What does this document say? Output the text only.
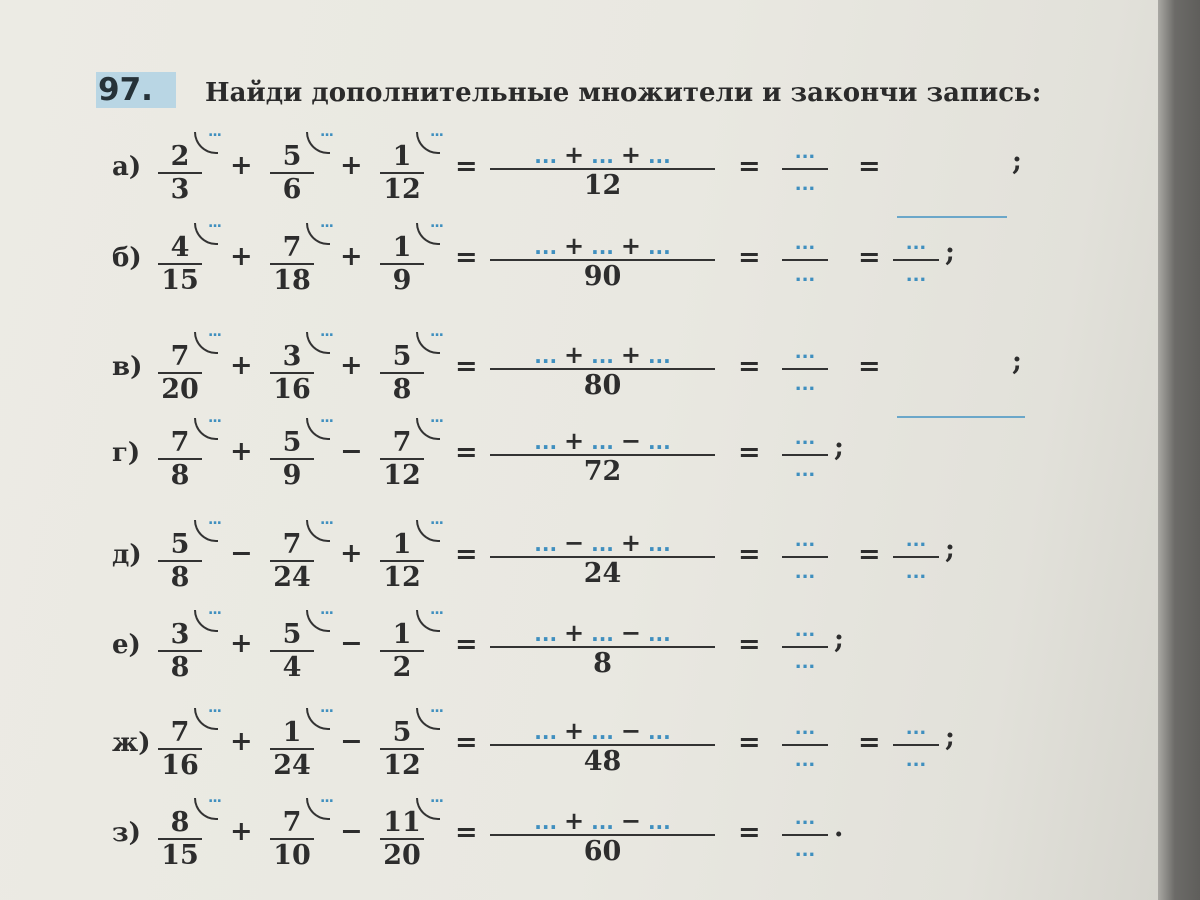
97. Найди дополнительные множители и закончи запись:
а)	2
3
...
+	5
6
...
+	1
12
...
=	... + ... + ...
12
=	...
...
=	;
б)	4
15
...
+	7
18
...
+	1
9
...
=	... + ... + ...
90
=	...
...
=	...
...
;
в)	7
20
...
+	3
16
...
+	5
8
...
=	... + ... + ...
80
=	...
...
=	;
г)	7
8
...
+	5
9
...
−	7
12
...
=	... + ... − ...
72
=	...
...
;
д)	5
8
...
−	7
24
...
+	1
12
...
=	... − ... + ...
24
=	...
...
=	...
...
;
е)	3
8
...
+	5
4
...
−	1
2
...
=	... + ... − ...
8
=	...
...
;
ж) 7
16
...
+	1
24
...
−	5
12
...
=	... + ... − ...
48
=	...
...
=	...
...
;
з)	8
15
...
+	7
10
...
− 11
20
...
=	... + ... − ...
60
=	...
...
.
